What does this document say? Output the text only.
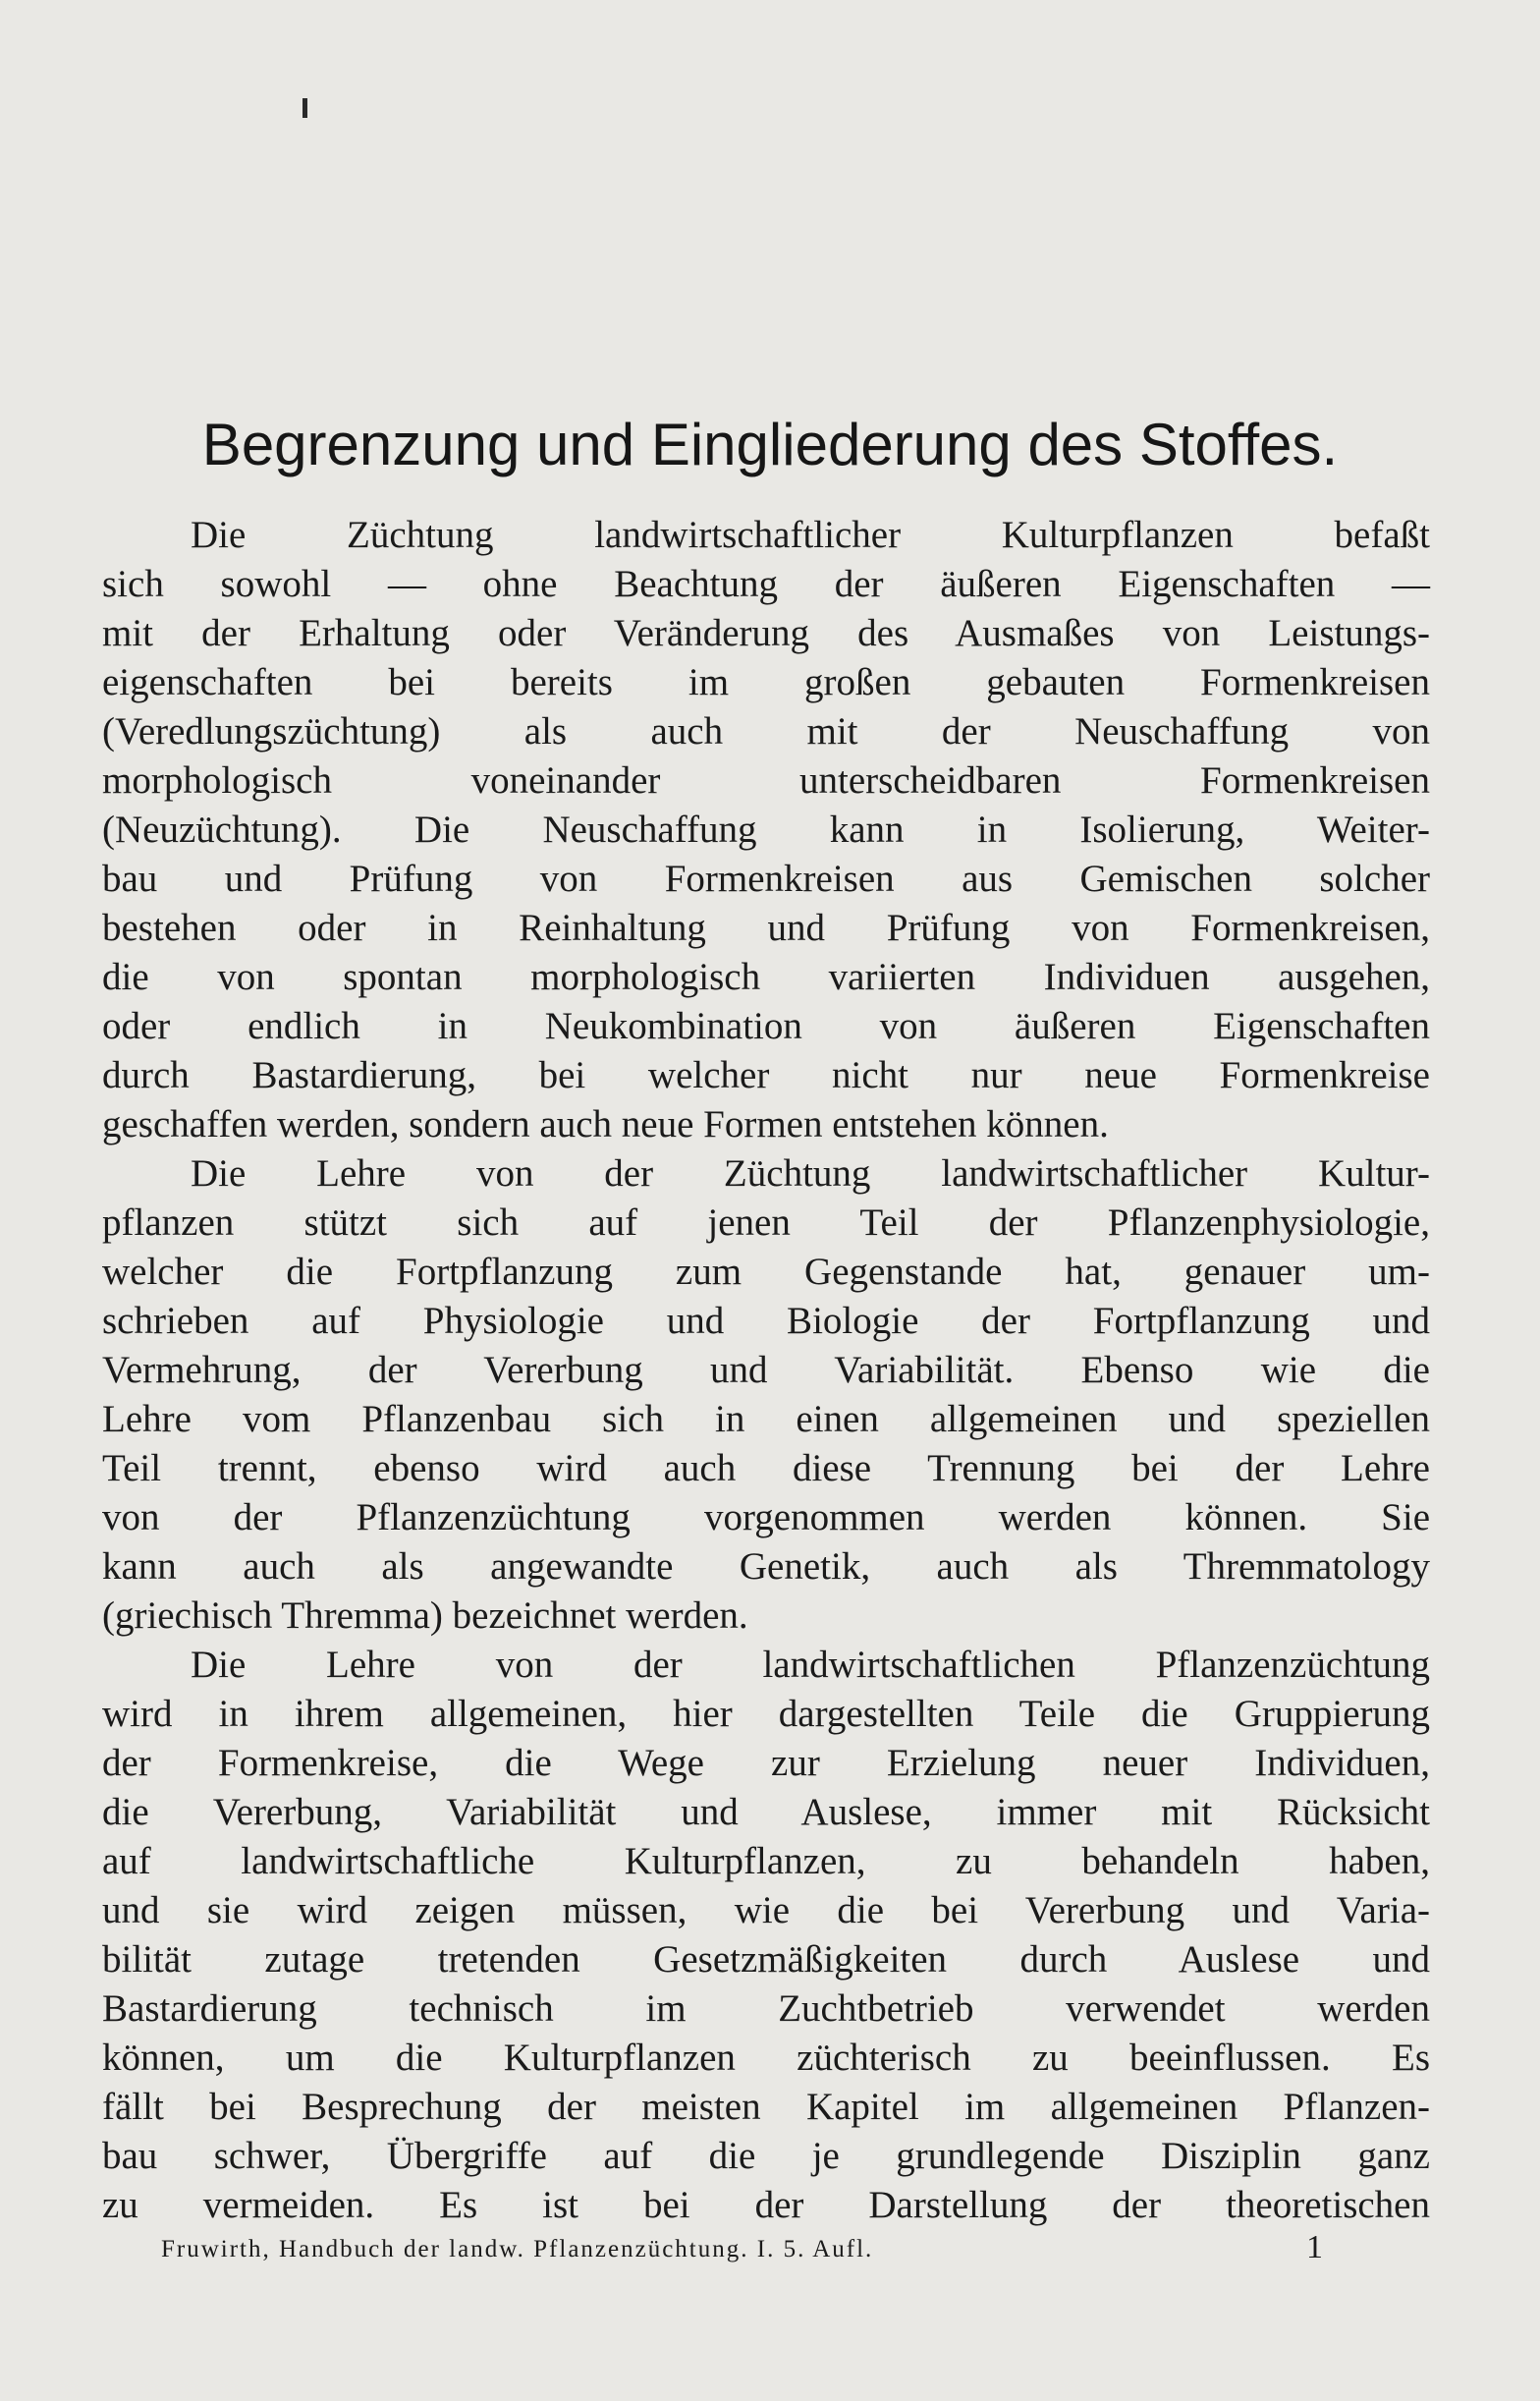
Begrenzung und Eingliederung des Stoffes.
Die Züchtung landwirtschaftlicher Kulturpflanzen befaßt
sich sowohl — ohne Beachtung der äußeren Eigenschaften —
mit der Erhaltung oder Veränderung des Ausmaßes von Leistungs-
eigenschaften bei bereits im großen gebauten Formenkreisen
(Veredlungszüchtung) als auch mit der Neuschaffung von
morphologisch voneinander unterscheidbaren Formenkreisen
(Neuzüchtung). Die Neuschaffung kann in Isolierung, Weiter-
bau und Prüfung von Formenkreisen aus Gemischen solcher
bestehen oder in Reinhaltung und Prüfung von Formenkreisen,
die von spontan morphologisch variierten Individuen ausgehen,
oder endlich in Neukombination von äußeren Eigenschaften
durch Bastardierung, bei welcher nicht nur neue Formenkreise
geschaffen werden, sondern auch neue Formen entstehen können.
Die Lehre von der Züchtung landwirtschaftlicher Kultur-
pflanzen stützt sich auf jenen Teil der Pflanzenphysiologie,
welcher die Fortpflanzung zum Gegenstande hat, genauer um-
schrieben auf Physiologie und Biologie der Fortpflanzung und
Vermehrung, der Vererbung und Variabilität. Ebenso wie die
Lehre vom Pflanzenbau sich in einen allgemeinen und speziellen
Teil trennt, ebenso wird auch diese Trennung bei der Lehre
von der Pflanzenzüchtung vorgenommen werden können. Sie
kann auch als angewandte Genetik, auch als Thremmatology
(griechisch Thremma) bezeichnet werden.
Die Lehre von der landwirtschaftlichen Pflanzenzüchtung
wird in ihrem allgemeinen, hier dargestellten Teile die Gruppierung
der Formenkreise, die Wege zur Erzielung neuer Individuen,
die Vererbung, Variabilität und Auslese, immer mit Rücksicht
auf landwirtschaftliche Kulturpflanzen, zu behandeln haben,
und sie wird zeigen müssen, wie die bei Vererbung und Varia-
bilität zutage tretenden Gesetzmäßigkeiten durch Auslese und
Bastardierung technisch im Zuchtbetrieb verwendet werden
können, um die Kulturpflanzen züchterisch zu beeinflussen. Es
fällt bei Besprechung der meisten Kapitel im allgemeinen Pflanzen-
bau schwer, Übergriffe auf die je grundlegende Disziplin ganz
zu vermeiden. Es ist bei der Darstellung der theoretischen
Fruwirth, Handbuch der landw. Pflanzenzüchtung. I. 5. Aufl.	1
